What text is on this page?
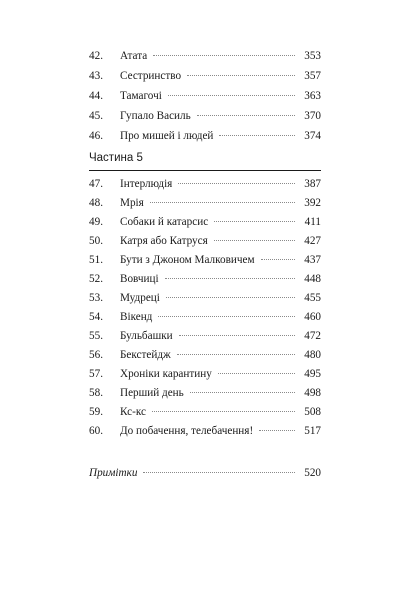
42.	Атата	353
43.	Сестринство	357
44.	Тамагочі	363
45.	Гупало Василь	370
46.	Про мишей і людей	374
Частина 5
47.	Інтерлюдія	387
48.	Мрія	392
49.	Собаки й катарсис	411
50.	Катря або Катруся	427
51.	Бути з Джоном Малковичем	437
52.	Вовчиці	448
53.	Мудреці	455
54.	Вікенд	460
55.	Бульбашки	472
56.	Бекстейдж	480
57.	Хроніки карантину	495
58.	Перший день	498
59.	Кс-кс	508
60.	До побачення, телебачення!	517
Примітки	520
